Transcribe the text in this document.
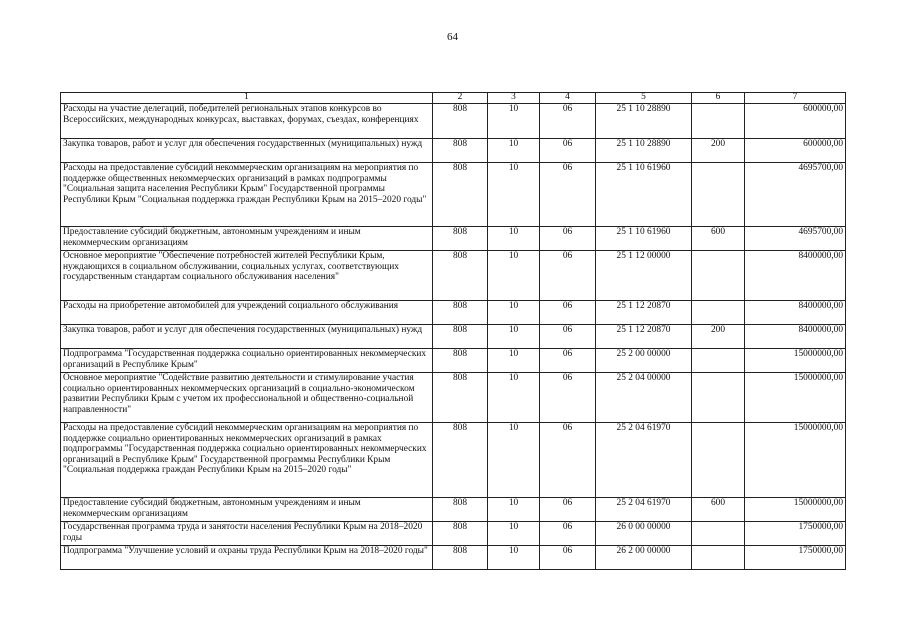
64
1	2	3	4	5	6	7
Расходы на участие делегаций, победителей региональных этапов конкурсов во Всероссийских, международных конкурсах, выставках, форумах, съездах, конференциях	808	10	06	25 1 10 28890		600000,00
Закупка товаров, работ и услуг для обеспечения государственных (муниципальных) нужд	808	10	06	25 1 10 28890	200	600000,00
Расходы на предоставление субсидий некоммерческим организациям на мероприятия по поддержке общественных некоммерческих организаций в рамках подпрограммы "Социальная защита населения Республики Крым" Государственной программы Республики Крым "Социальная поддержка граждан Республики Крым на 2015–2020 годы"	808	10	06	25 1 10 61960		4695700,00
Предоставление субсидий бюджетным, автономным учреждениям и иным некоммерческим организациям	808	10	06	25 1 10 61960	600	4695700,00
Основное мероприятие "Обеспечение потребностей жителей Республики Крым, нуждающихся в социальном обслуживании, социальных услугах, соответствующих государственным стандартам социального обслуживания населения"	808	10	06	25 1 12 00000		8400000,00
Расходы на приобретение автомобилей для учреждений социального обслуживания	808	10	06	25 1 12 20870		8400000,00
Закупка товаров, работ и услуг для обеспечения государственных (муниципальных) нужд	808	10	06	25 1 12 20870	200	8400000,00
Подпрограмма "Государственная поддержка социально ориентированных некоммерческих организаций в Республике Крым"	808	10	06	25 2 00 00000		15000000,00
Основное мероприятие "Содействие развитию деятельности и стимулирование участия социально ориентированных некоммерческих организаций в социально-экономическом развитии Республики Крым с учетом их профессиональной и общественно-социальной направленности"	808	10	06	25 2 04 00000		15000000,00
Расходы на предоставление субсидий некоммерческим организациям на мероприятия по поддержке социально ориентированных некоммерческих организаций в рамках подпрограммы "Государственная поддержка социально ориентированных некоммерческих организаций в Республике Крым" Государственной программы Республики Крым "Социальная поддержка граждан Республики Крым на 2015–2020 годы"	808	10	06	25 2 04 61970		15000000,00
Предоставление субсидий бюджетным, автономным учреждениям и иным некоммерческим организациям	808	10	06	25 2 04 61970	600	15000000,00
Государственная программа труда и занятости населения Республики Крым на 2018–2020 годы	808	10	06	26 0 00 00000		1750000,00
Подпрограмма "Улучшение условий и охраны труда Республики Крым на 2018–2020 годы"	808	10	06	26 2 00 00000		1750000,00
